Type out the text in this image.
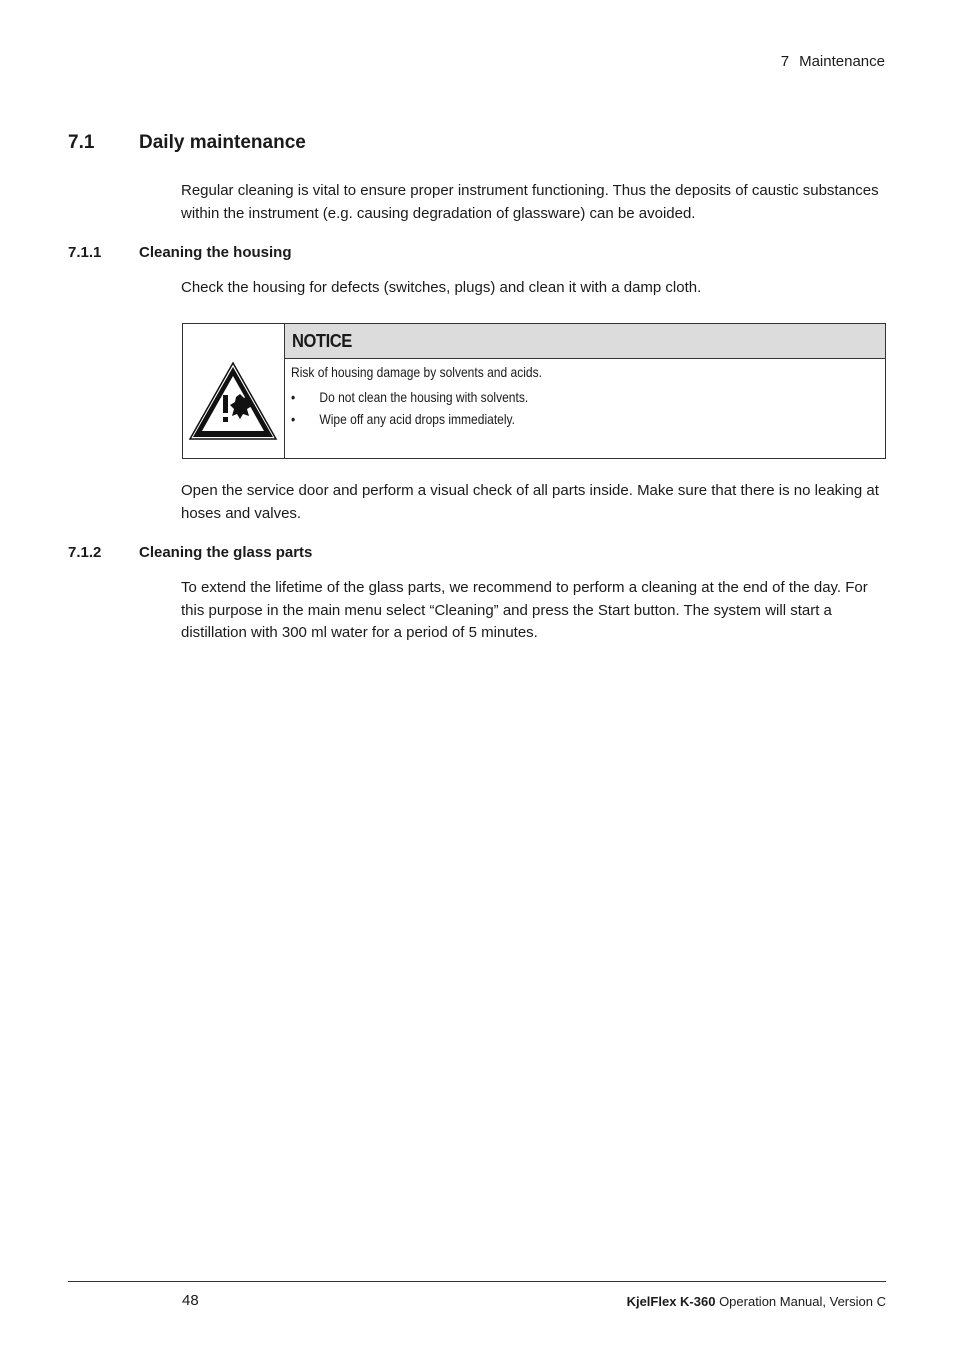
7 Maintenance
7.1 Daily maintenance
Regular cleaning is vital to ensure proper instrument functioning. Thus the deposits of caustic substances within the instrument (e.g. causing degradation of glassware) can be avoided.
7.1.1	Cleaning the housing
Check the housing for defects (switches, plugs) and clean it with a damp cloth.
NOTICE
Risk of housing damage by solvents and acids.
• Do not clean the housing with solvents.
• Wipe off any acid drops immediately.
Open the service door and perform a visual check of all parts inside. Make sure that there is no leaking at hoses and valves.
7.1.2	Cleaning the glass parts
To extend the lifetime of the glass parts, we recommend to perform a cleaning at the end of the day. For this purpose in the main menu select “Cleaning” and press the Start button. The system will start a distillation with 300 ml water for a period of 5 minutes.
48	KjelFlex K-360 Operation Manual, Version C
